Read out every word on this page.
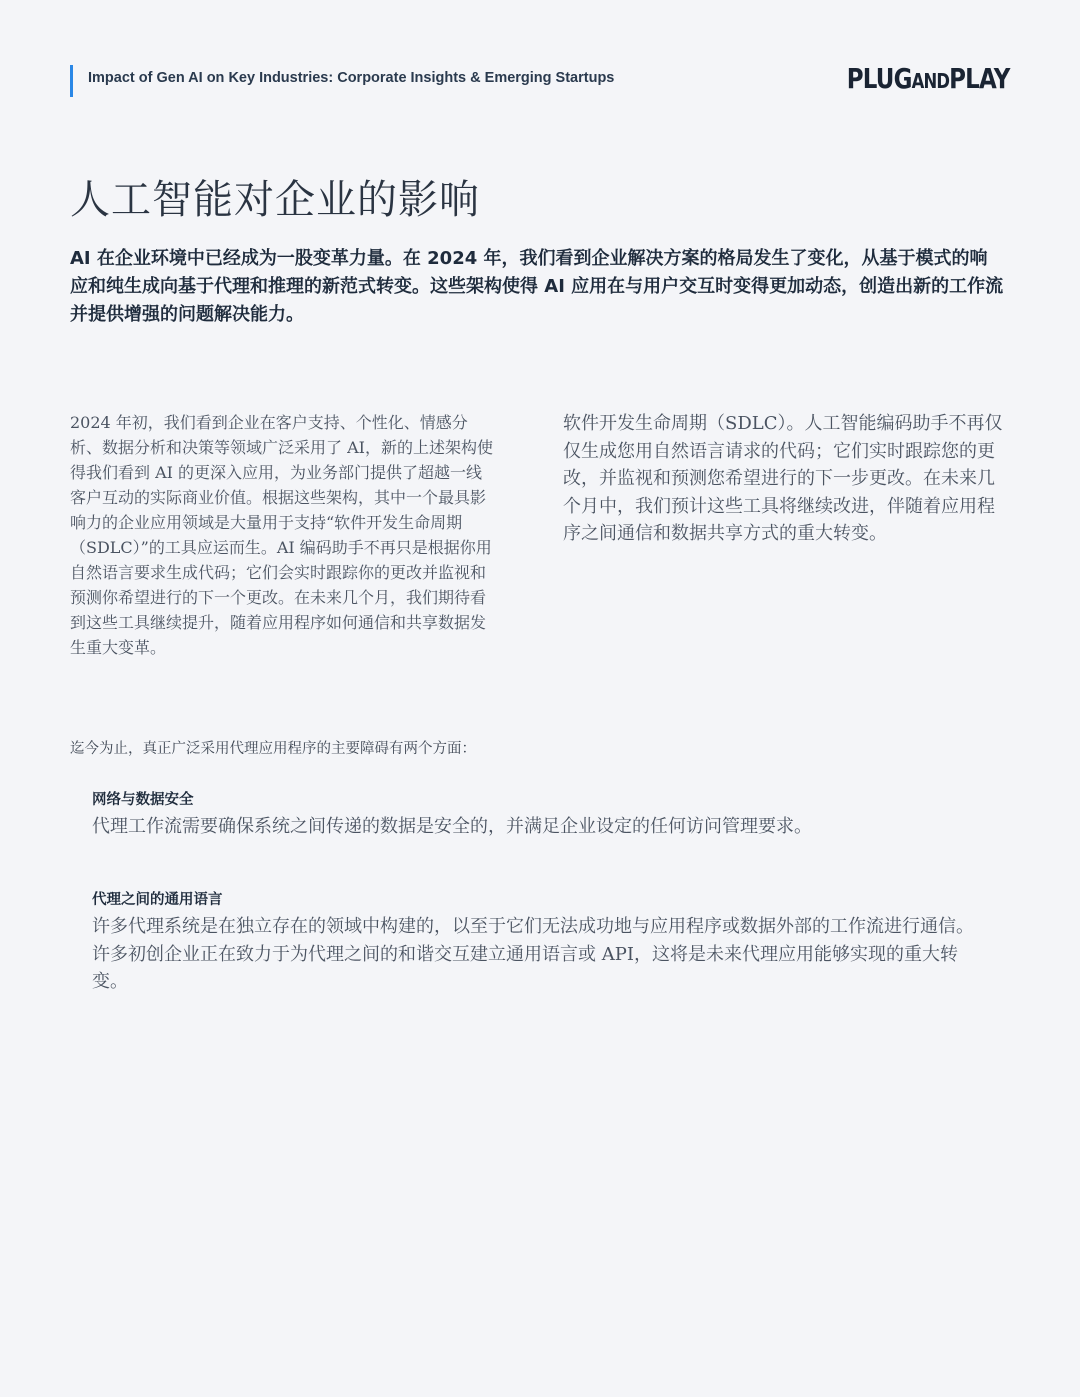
Impact of Gen AI on Key Industries: Corporate Insights & Emerging Startups	PLUGANDPLAY
人工智能对企业的影响

AI 在企业环境中已经成为一股变革力量。在 2024 年，我们看到企业解决方案的格局发生了变化，从基于模式的响应和纯生成向基于代理和推理的新范式转变。这些架构使得 AI 应用在与用户交互时变得更加动态，创造出新的工作流并提供增强的问题解决能力。

2024 年初，我们看到企业在客户支持、个性化、情感分析、数据分析和决策等领域广泛采用了 AI，新的上述架构使得我们看到 AI 的更深入应用，为业务部门提供了超越一线客户互动的实际商业价值。根据这些架构，其中一个最具影响力的企业应用领域是大量用于支持“软件开发生命周期（SDLC）”的工具应运而生。AI 编码助手不再只是根据你用自然语言要求生成代码；它们会实时跟踪你的更改并监视和预测你希望进行的下一个更改。在未来几个月，我们期待看到这些工具继续提升，随着应用程序如何通信和共享数据发生重大变革。

软件开发生命周期（SDLC）。人工智能编码助手不再仅仅生成您用自然语言请求的代码；它们实时跟踪您的更改，并监视和预测您希望进行的下一步更改。在未来几个月中，我们预计这些工具将继续改进，伴随着应用程序之间通信和数据共享方式的重大转变。

迄今为止，真正广泛采用代理应用程序的主要障碍有两个方面：

网络与数据安全

代理工作流需要确保系统之间传递的数据是安全的，并满足企业设定的任何访问管理要求。

代理之间的通用语言

许多代理系统是在独立存在的领域中构建的，以至于它们无法成功地与应用程序或数据外部的工作流进行通信。许多初创企业正在致力于为代理之间的和谐交互建立通用语言或 API，这将是未来代理应用能够实现的重大转变。
